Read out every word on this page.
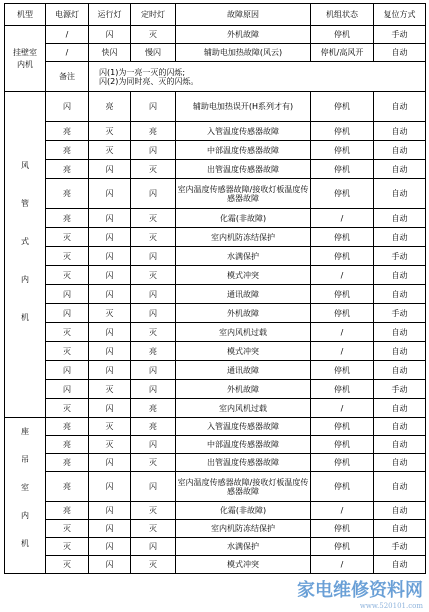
机型	电源灯	运行灯	定时灯	故障原因	机组状态	复位方式

挂壁室内机	/	闪	灭	外机故障	停机	手动
	/	快闪	慢闪	辅助电加热故障(风云)	停机/高风开	自动
	备注	闪(1)为一亮一灭的闪烁;
闪(2)为同时亮、灭的闪烁。				

风
管
式
内
机	闪	亮	闪	辅助电加热误开(H系列才有)	停机	自动
	亮	灭	亮	入管温度传感器故障	停机	自动
	亮	灭	闪	中部温度传感器故障	停机	自动
	亮	闪	灭	出管温度传感器故障	停机	自动
	亮	闪	闪	室内温度传感器故障/接收灯板温度传感器故障	停机	自动
	亮	闪	灭	化霜(非故障)	/	自动
	灭	闪	灭	室内机防冻结保护	停机	自动
	灭	闪	闪	水满保护	停机	手动
	灭	闪	灭	模式冲突	/	自动
	闪	闪	闪	通讯故障	停机	自动
	闪	灭	闪	外机故障	停机	手动
	灭	闪	灭	室内风机过载	/	自动
	灭	闪	亮	模式冲突	/	自动
	闪	闪	闪	通讯故障	停机	自动
	闪	灭	闪	外机故障	停机	手动
	灭	闪	亮	室内风机过载	/	自动

座
吊
室
内
机	亮	灭	亮	入管温度传感器故障	停机	自动
	亮	灭	闪	中部温度传感器故障	停机	自动
	亮	闪	灭	出管温度传感器故障	停机	自动
	亮	闪	闪	室内温度传感器故障/接收灯板温度传感器故障	停机	自动
	亮	闪	灭	化霜(非故障)	/	自动
	灭	闪	灭	室内机防冻结保护	停机	自动
	灭	闪	闪	水满保护	停机	手动
	灭	闪	灭	模式冲突	/	自动
家电维修资料网
www.520101.com
